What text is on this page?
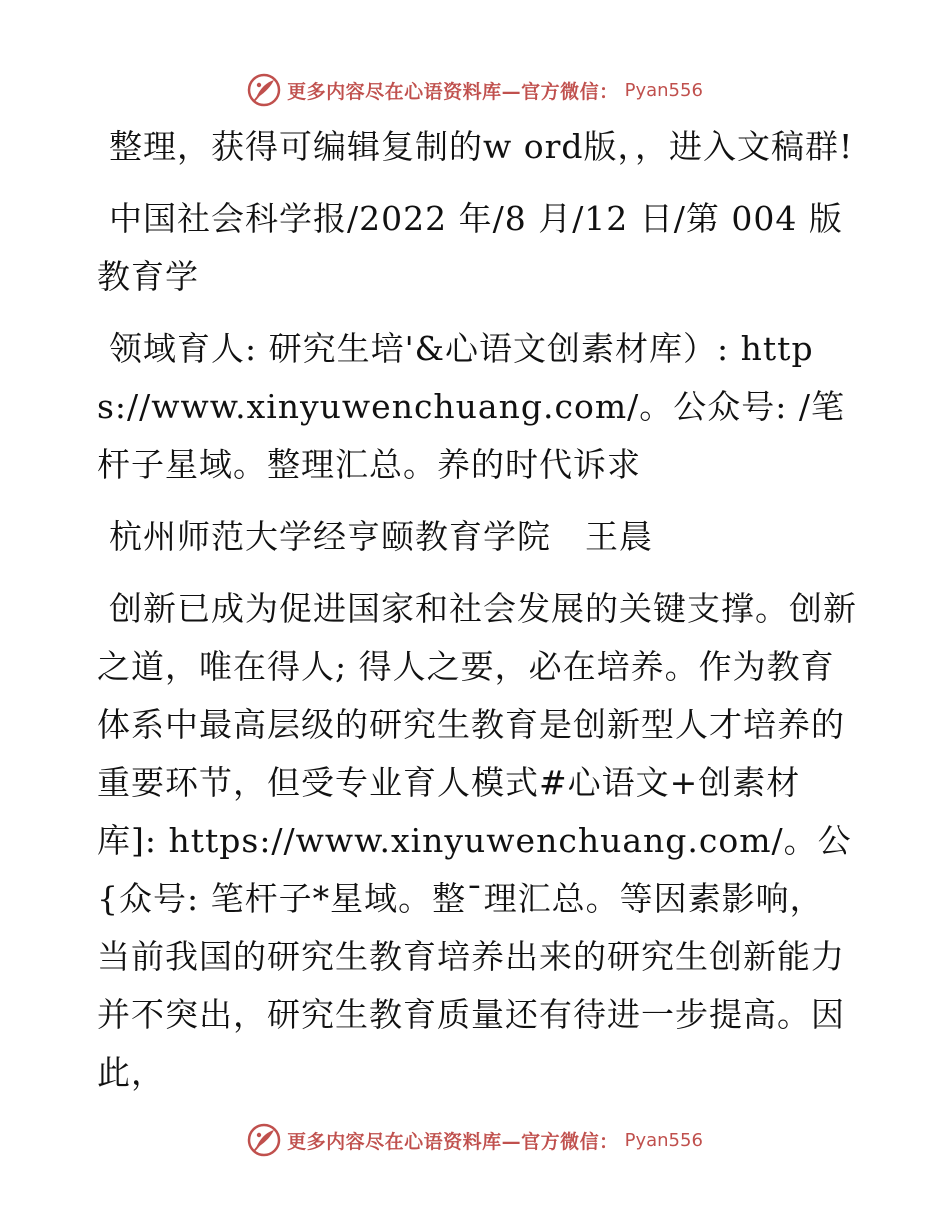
更多内容尽在心语资料库—官方微信： Pyan556

整理，获得可编辑复制的w ord版，，进入文稿群!

中国社会科学报/2022 年/8 月/12 日/第 004 版教育学

领域育人: 研究生培'&心语文创素材库）: https://www.xinyuwenchuang.com/。公众号: /笔杆子星域。整理汇总。养的时代诉求

杭州师范大学经亨颐教育学院　王晨

创新已成为促进国家和社会发展的关键支撑。创新之道，唯在得人; 得人之要，必在培养。作为教育体系中最高层级的研究生教育是创新型人才培养的重要环节，但受专业育人模式#心语文+创素材库]: https://www.xinyuwenchuang.com/。公{众号: 笔杆子*星域。整¯理汇总。等因素影响，当前我国的研究生教育培养出来的研究生创新能力并不突出，研究生教育质量还有待进一步提高。因此，

更多内容尽在心语资料库—官方微信： Pyan556
